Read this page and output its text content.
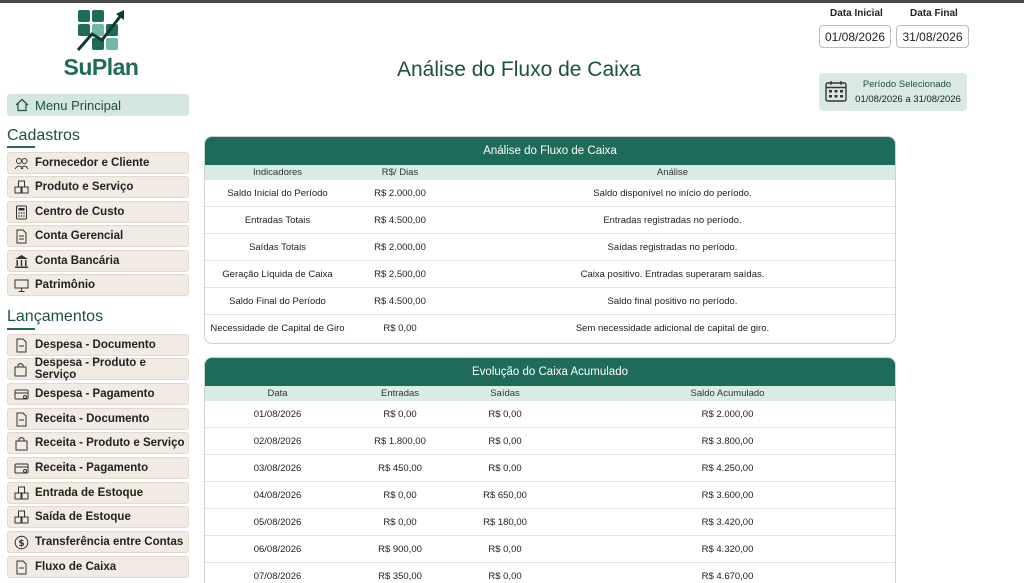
SuPlan
Menu Principal
Cadastros
Fornecedor e Cliente
Produto e Serviço
Centro de Custo
Conta Gerencial
Conta Bancária
Patrimônio
Lançamentos
Despesa - Documento
Despesa - Produto e Serviço
Despesa - Pagamento
Receita - Documento
Receita - Produto e Serviço
Receita - Pagamento
Entrada de Estoque
Saída de Estoque
$ Transferência entre Contas
Fluxo de Caixa
Análise do Fluxo de Caixa
Data Inicial
01/08/2026
Data Final
31/08/2026
Período Selecionado
01/08/2026 a 31/08/2026
Análise do Fluxo de Caixa
Indicadores	R$/ Dias	Análise
Saldo Inicial do Período	R$ 2.000,00	Saldo disponível no início do período.
Entradas Totais	R$ 4.500,00	Entradas registradas no período.
Saídas Totais	R$ 2.000,00	Saídas registradas no período.
Geração Líquida de Caixa	R$ 2.500,00	Caixa positivo. Entradas superaram saídas.
Saldo Final do Período	R$ 4.500,00	Saldo final positivo no período.
Necessidade de Capital de Giro	R$ 0,00	Sem necessidade adicional de capital de giro.
Evolução do Caixa Acumulado
Data	Entradas	Saídas	Saldo Acumulado
01/08/2026	R$ 0,00	R$ 0,00	R$ 2.000,00
02/08/2026	R$ 1.800,00	R$ 0,00	R$ 3.800,00
03/08/2026	R$ 450,00	R$ 0,00	R$ 4.250,00
04/08/2026	R$ 0,00	R$ 650,00	R$ 3.600,00
05/08/2026	R$ 0,00	R$ 180,00	R$ 3.420,00
06/08/2026	R$ 900,00	R$ 0,00	R$ 4.320,00
07/08/2026	R$ 350,00	R$ 0,00	R$ 4.670,00
